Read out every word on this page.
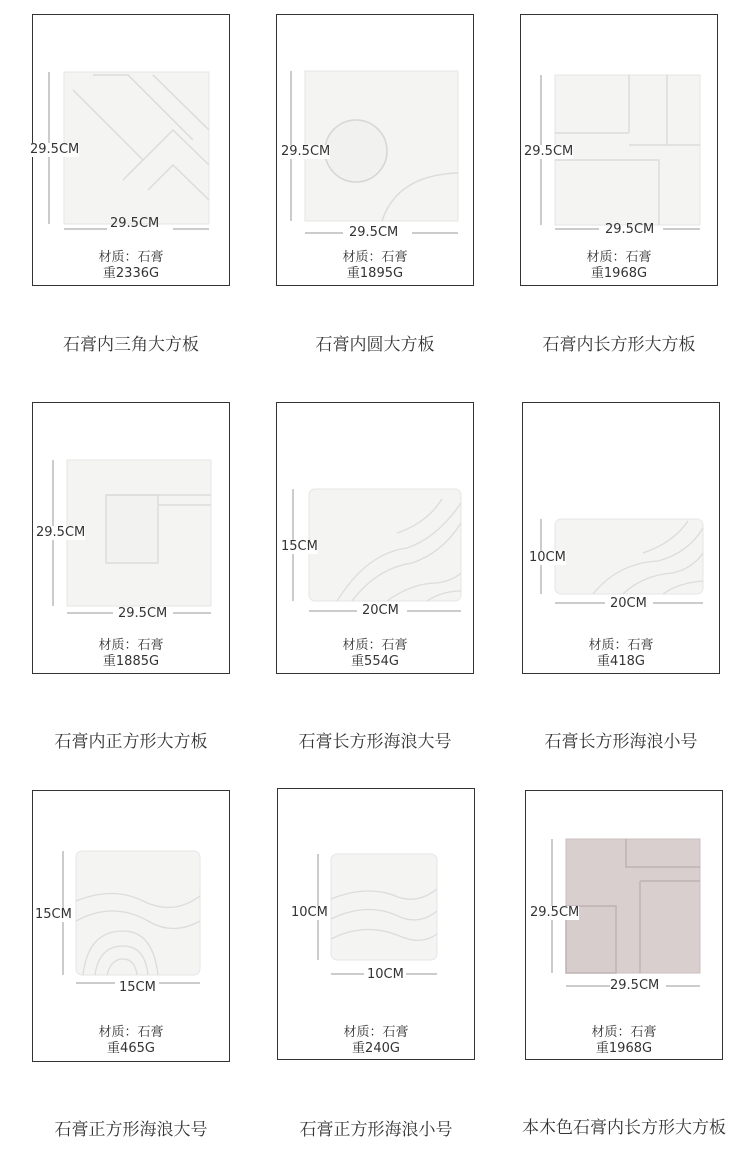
29.5CM
29.5CM
材质：石膏
重2336G
石膏内三角大方板
29.5CM
29.5CM
材质：石膏
重1895G
石膏内圆大方板
29.5CM
29.5CM
材质：石膏
重1968G
石膏内长方形大方板
29.5CM
29.5CM
材质：石膏
重1885G
石膏内正方形大方板
15CM
20CM
材质：石膏
重554G
石膏长方形海浪大号
10CM
20CM
材质：石膏
重418G
石膏长方形海浪小号
15CM
15CM
材质：石膏
重465G
石膏正方形海浪大号
10CM
10CM
材质：石膏
重240G
石膏正方形海浪小号
29.5CM
29.5CM
材质：石膏
重1968G
本木色石膏内长方形大方板
